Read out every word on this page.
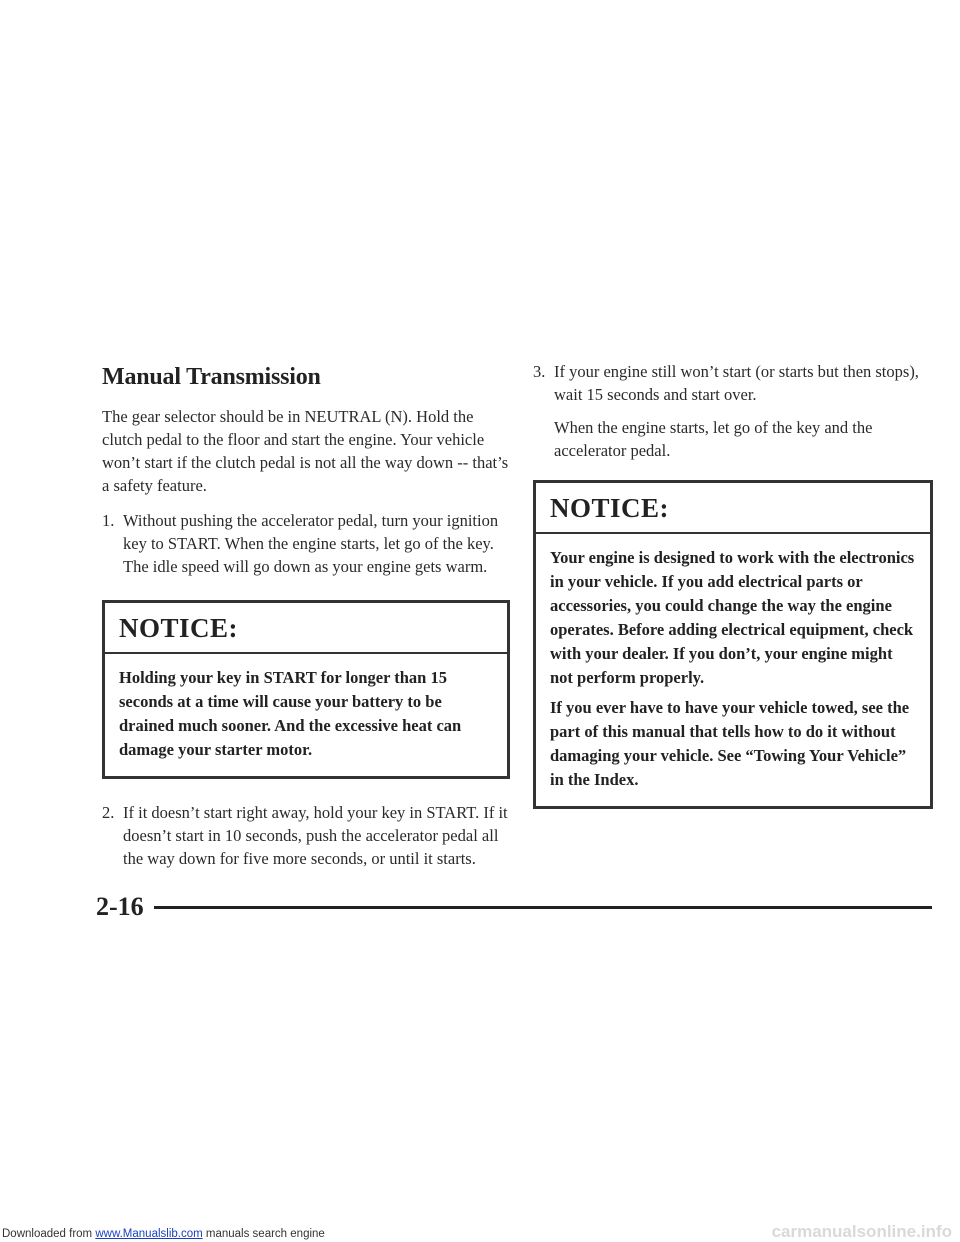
Manual Transmission

The gear selector should be in NEUTRAL (N). Hold the clutch pedal to the floor and start the engine. Your vehicle won’t start if the clutch pedal is not all the way down -- that’s a safety feature.

1. Without pushing the accelerator pedal, turn your ignition key to START. When the engine starts, let go of the key. The idle speed will go down as your engine gets warm.
NOTICE:

Holding your key in START for longer than 15 seconds at a time will cause your battery to be drained much sooner. And the excessive heat can damage your starter motor.

2. If it doesn’t start right away, hold your key in START. If it doesn’t start in 10 seconds, push the accelerator pedal all the way down for five more seconds, or until it starts.
3. If your engine still won’t start (or starts but then stops), wait 15 seconds and start over.

When the engine starts, let go of the key and the accelerator pedal.

NOTICE:

Your engine is designed to work with the electronics in your vehicle. If you add electrical parts or accessories, you could change the way the engine operates. Before adding electrical equipment, check with your dealer. If you don’t, your engine might not perform properly.

If you ever have to have your vehicle towed, see the part of this manual that tells how to do it without damaging your vehicle. See “Towing Your Vehicle” in the Index.

2-16
Downloaded from www.Manualslib.com manuals search engine	carmanualsonline.info
